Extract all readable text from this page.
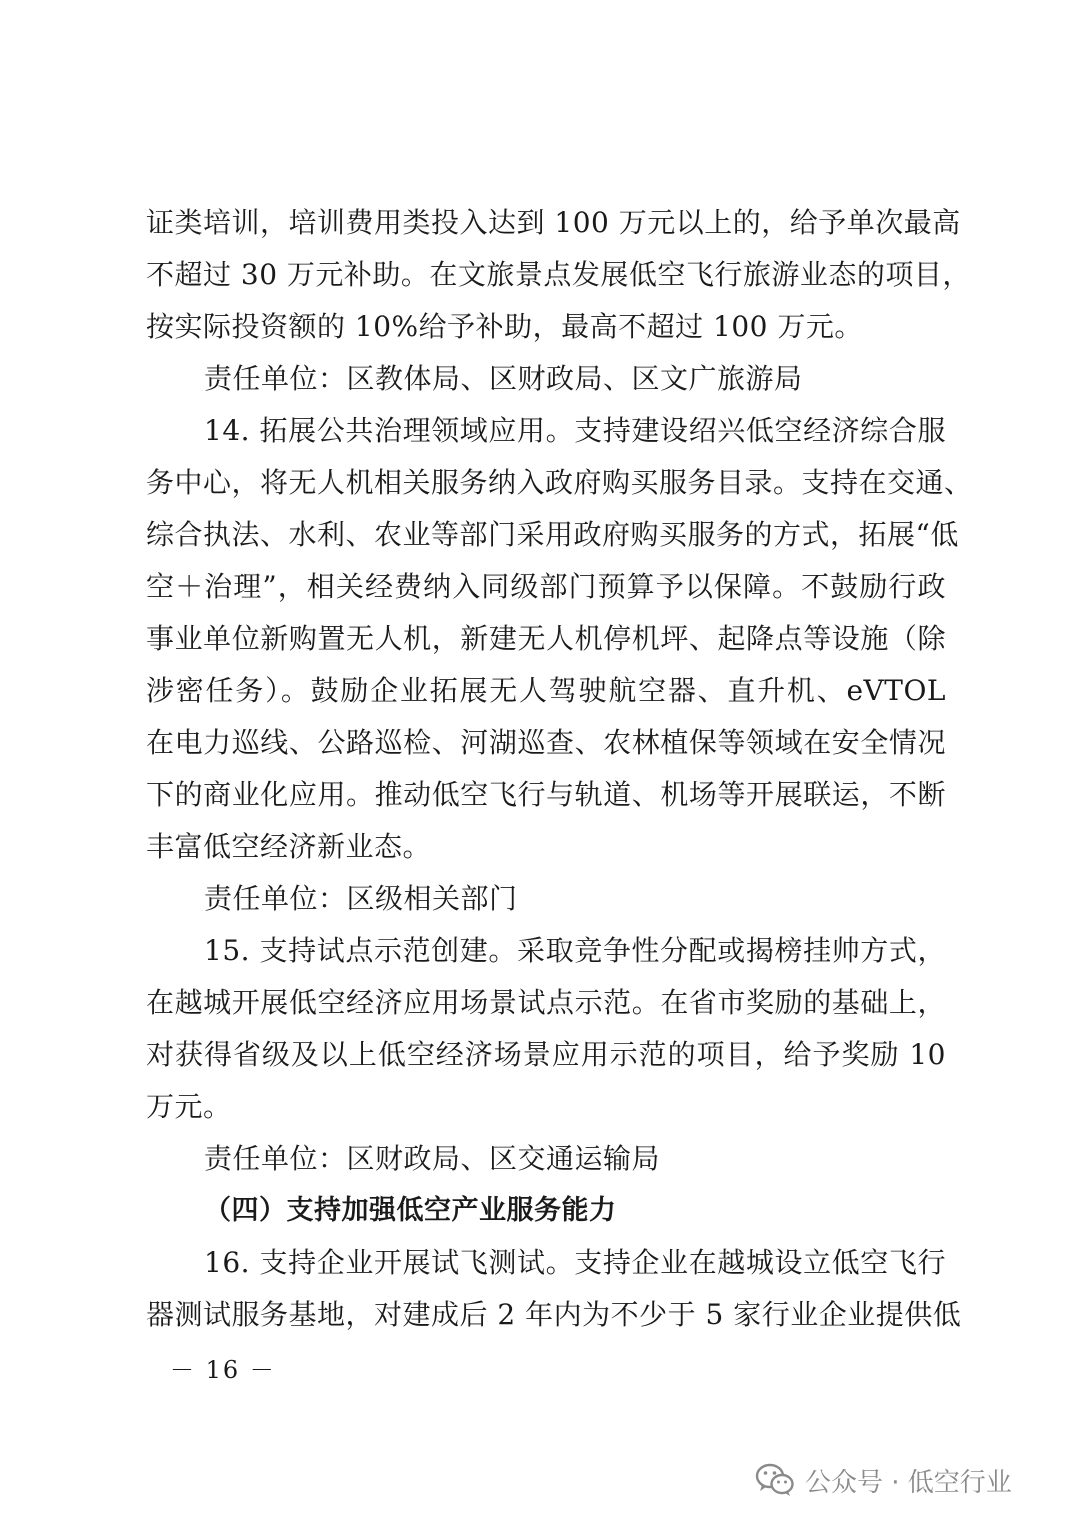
证类培训，培训费用类投入达到 100 万元以上的，给予单次最高
不超过 30 万元补助。在文旅景点发展低空飞行旅游业态的项目，
按实际投资额的 10%给予补助，最高不超过 100 万元。
责任单位：区教体局、区财政局、区文广旅游局
14. 拓展公共治理领域应用。支持建设绍兴低空经济综合服
务中心，将无人机相关服务纳入政府购买服务目录。支持在交通、
综合执法、水利、农业等部门采用政府购买服务的方式，拓展“低
空＋治理”，相关经费纳入同级部门预算予以保障。不鼓励行政
事业单位新购置无人机，新建无人机停机坪、起降点等设施（除
涉密任务）。鼓励企业拓展无人驾驶航空器、直升机、eVTOL
在电力巡线、公路巡检、河湖巡查、农林植保等领域在安全情况
下的商业化应用。推动低空飞行与轨道、机场等开展联运，不断
丰富低空经济新业态。
责任单位：区级相关部门
15. 支持试点示范创建。采取竞争性分配或揭榜挂帅方式，
在越城开展低空经济应用场景试点示范。在省市奖励的基础上，
对获得省级及以上低空经济场景应用示范的项目，给予奖励 10
万元。
责任单位：区财政局、区交通运输局
（四）支持加强低空产业服务能力
16. 支持企业开展试飞测试。支持企业在越城设立低空飞行
器测试服务基地，对建成后 2 年内为不少于 5 家行业企业提供低
－ 16 －
公众号 · 低空行业
